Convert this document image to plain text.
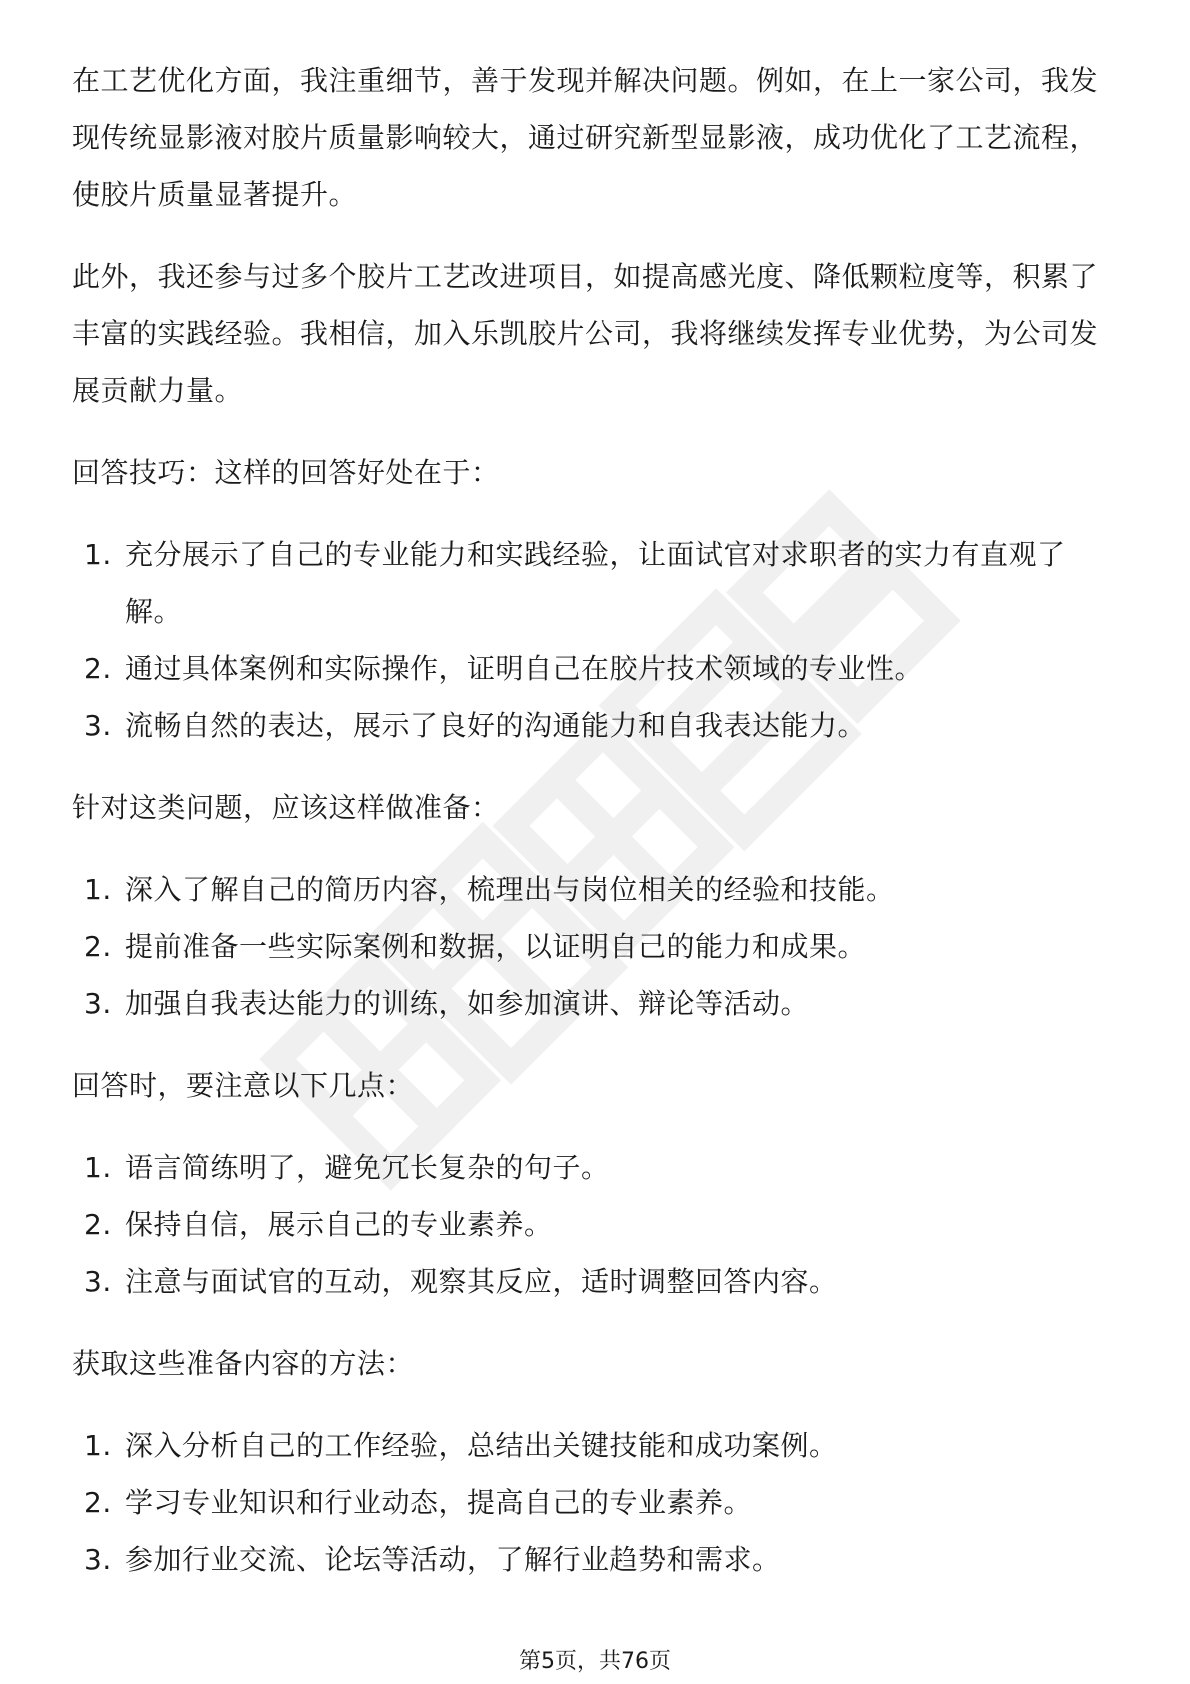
在工艺优化方面，我注重细节，善于发现并解决问题。例如，在上一家公司，我发现传统显影液对胶片质量影响较大，通过研究新型显影液，成功优化了工艺流程，使胶片质量显著提升。

此外，我还参与过多个胶片工艺改进项目，如提高感光度、降低颗粒度等，积累了丰富的实践经验。我相信，加入乐凯胶片公司，我将继续发挥专业优势，为公司发展贡献力量。

回答技巧：这样的回答好处在于：

1. 充分展示了自己的专业能力和实践经验，让面试官对求职者的实力有直观了解。
2. 通过具体案例和实际操作，证明自己在胶片技术领域的专业性。
3. 流畅自然的表达，展示了良好的沟通能力和自我表达能力。

针对这类问题，应该这样做准备：

1. 深入了解自己的简历内容，梳理出与岗位相关的经验和技能。
2. 提前准备一些实际案例和数据，以证明自己的能力和成果。
3. 加强自我表达能力的训练，如参加演讲、辩论等活动。

回答时，要注意以下几点：

1. 语言简练明了，避免冗长复杂的句子。
2. 保持自信，展示自己的专业素养。
3. 注意与面试官的互动，观察其反应，适时调整回答内容。

获取这些准备内容的方法：

1. 深入分析自己的工作经验，总结出关键技能和成功案例。
2. 学习专业知识和行业动态，提高自己的专业素养。
3. 参加行业交流、论坛等活动，了解行业趋势和需求。
第5页，共76页
